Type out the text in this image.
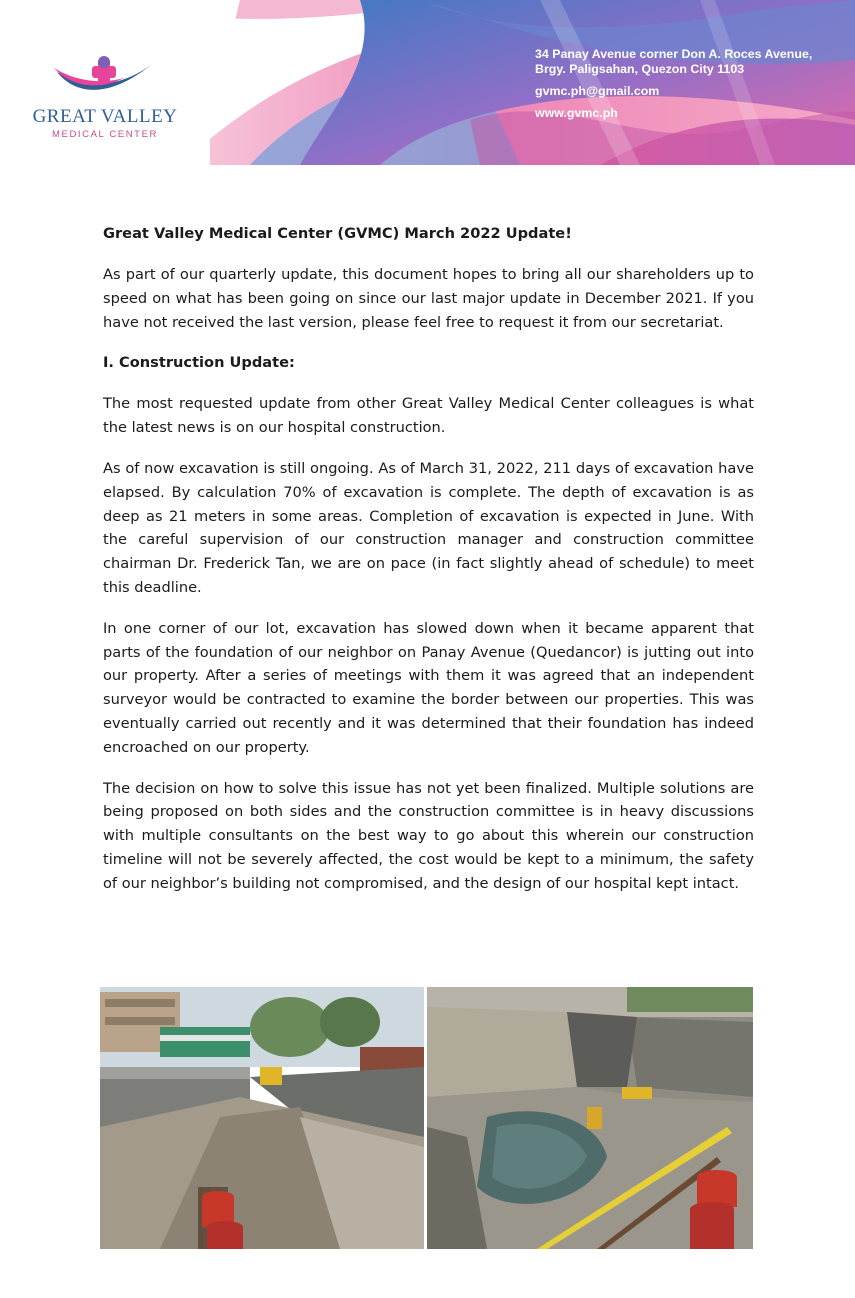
GREAT VALLEY
MEDICAL CENTER
34 Panay Avenue corner Don A. Roces Avenue,
Brgy. Paligsahan, Quezon City 1103
gvmc.ph@gmail.com
www.gvmc.ph
Great Valley Medical Center (GVMC) March 2022 Update!

As part of our quarterly update, this document hopes to bring all our shareholders up to speed on what has been going on since our last major update in December 2021. If you have not received the last version, please feel free to request it from our secretariat.

I. Construction Update:

The most requested update from other Great Valley Medical Center colleagues is what the latest news is on our hospital construction.

As of now excavation is still ongoing. As of March 31, 2022, 211 days of excavation have elapsed. By calculation 70% of excavation is complete. The depth of excavation is as deep as 21 meters in some areas. Completion of excavation is expected in June. With the careful supervision of our construction manager and construction committee chairman Dr. Frederick Tan, we are on pace (in fact slightly ahead of schedule) to meet this deadline.

In one corner of our lot, excavation has slowed down when it became apparent that parts of the foundation of our neighbor on Panay Avenue (Quedancor) is jutting out into our property. After a series of meetings with them it was agreed that an independent surveyor would be contracted to examine the border between our properties. This was eventually carried out recently and it was determined that their foundation has indeed encroached on our property.

The decision on how to solve this issue has not yet been finalized. Multiple solutions are being proposed on both sides and the construction committee is in heavy discussions with multiple consultants on the best way to go about this wherein our construction timeline will not be severely affected, the cost would be kept to a minimum, the safety of our neighbor’s building not compromised, and the design of our hospital kept intact.
